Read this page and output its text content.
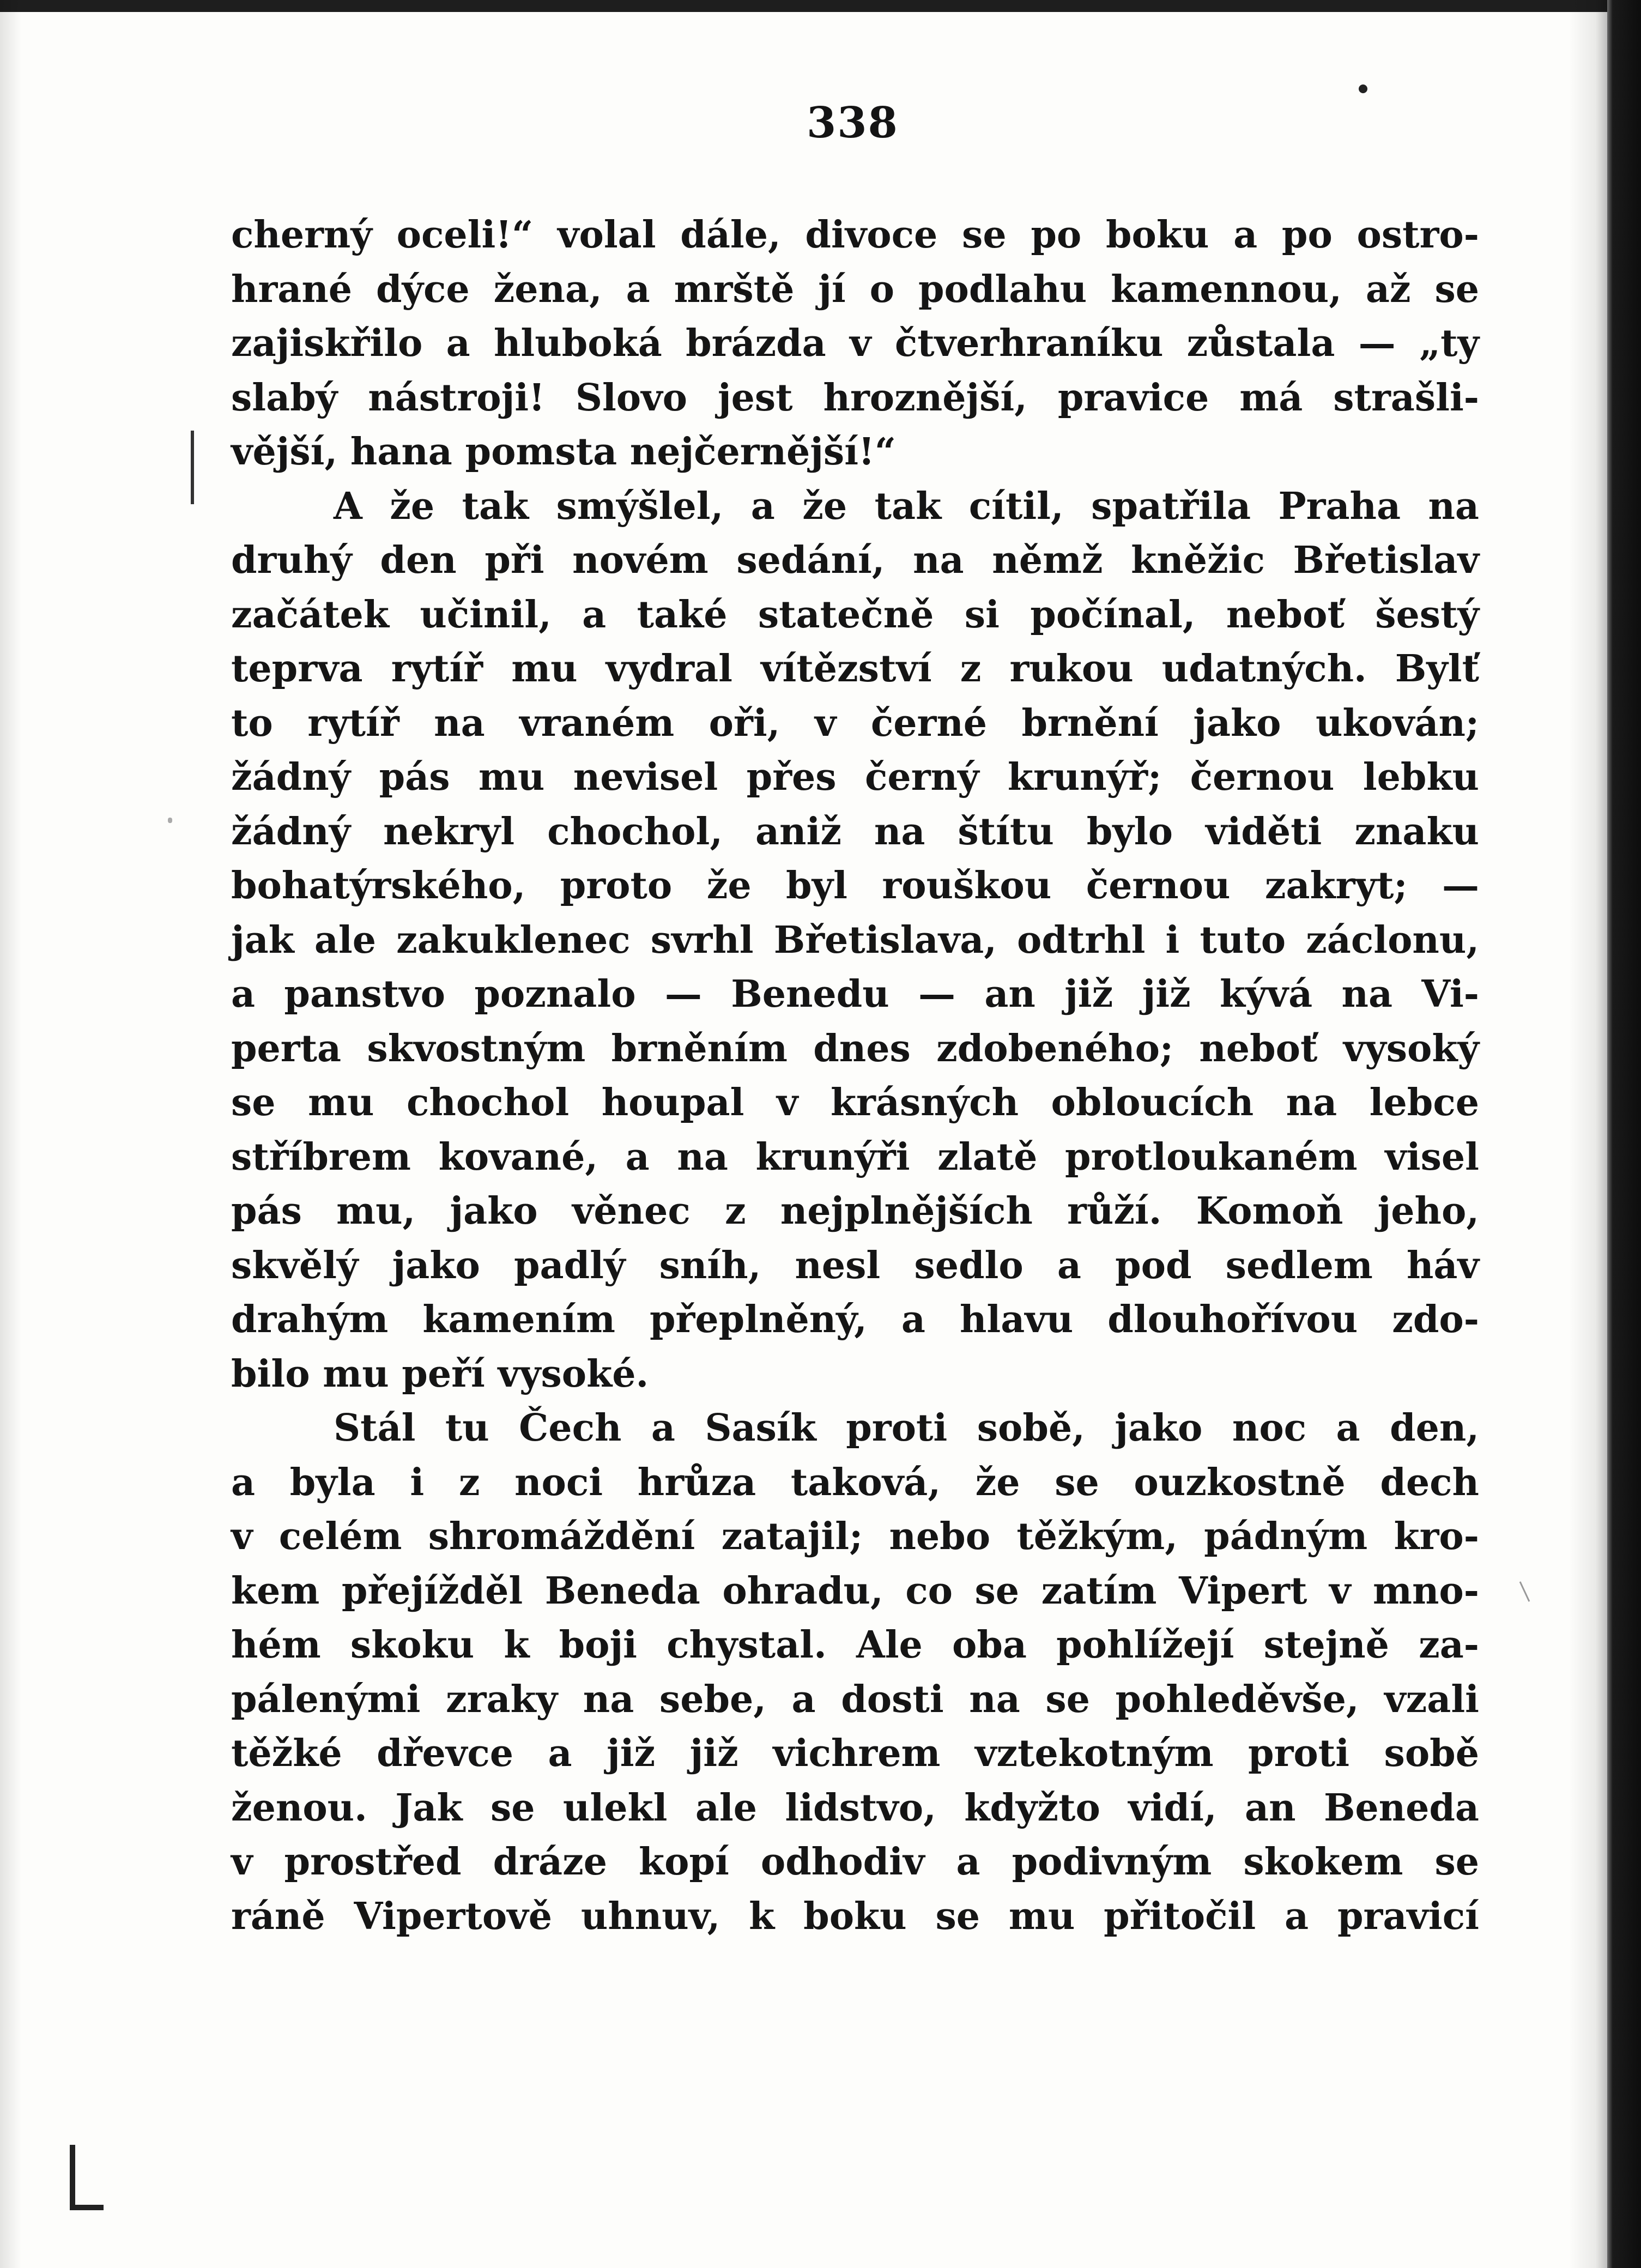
338
cherný oceli!“ volal dále, divoce se po boku a po ostro-
hrané dýce žena, a mrště jí o podlahu kamennou, až se
zajiskřilo a hluboká brázda v čtverhraníku zůstala — „ty
slabý nástroji! Slovo jest hroznější, pravice má strašli-
vější, hana pomsta nejčernější!“
A že tak smýšlel, a že tak cítil, spatřila Praha na
druhý den při novém sedání, na němž kněžic Břetislav
začátek učinil, a také statečně si počínal, neboť šestý
teprva rytíř mu vydral vítězství z rukou udatných. Bylť
to rytíř na vraném oři, v černé brnění jako ukován;
žádný pás mu nevisel přes černý krunýř; černou lebku
žádný nekryl chochol, aniž na štítu bylo viděti znaku
bohatýrského, proto že byl rouškou černou zakryt; —
jak ale zakuklenec svrhl Břetislava, odtrhl i tuto záclonu,
a panstvo poznalo — Benedu — an již již kývá na Vi-
perta skvostným brněním dnes zdobeného; neboť vysoký
se mu chochol houpal v krásných obloucích na lebce
stříbrem kované, a na krunýři zlatě protloukaném visel
pás mu, jako věnec z nejplnějších růží. Komoň jeho,
skvělý jako padlý sníh, nesl sedlo a pod sedlem háv
drahým kamením přeplněný, a hlavu dlouhořívou zdo-
bilo mu peří vysoké.
Stál tu Čech a Sasík proti sobě, jako noc a den,
a byla i z noci hrůza taková, že se ouzkostně dech
v celém shromáždění zatajil; nebo těžkým, pádným kro-
kem přejížděl Beneda ohradu, co se zatím Vipert v mno-
hém skoku k boji chystal. Ale oba pohlížejí stejně za-
pálenými zraky na sebe, a dosti na se pohleděvše, vzali
těžké dřevce a již již vichrem vztekotným proti sobě
ženou. Jak se ulekl ale lidstvo, kdyžto vidí, an Beneda
v prostřed dráze kopí odhodiv a podivným skokem se
ráně Vipertově uhnuv, k boku se mu přitočil a pravicí
